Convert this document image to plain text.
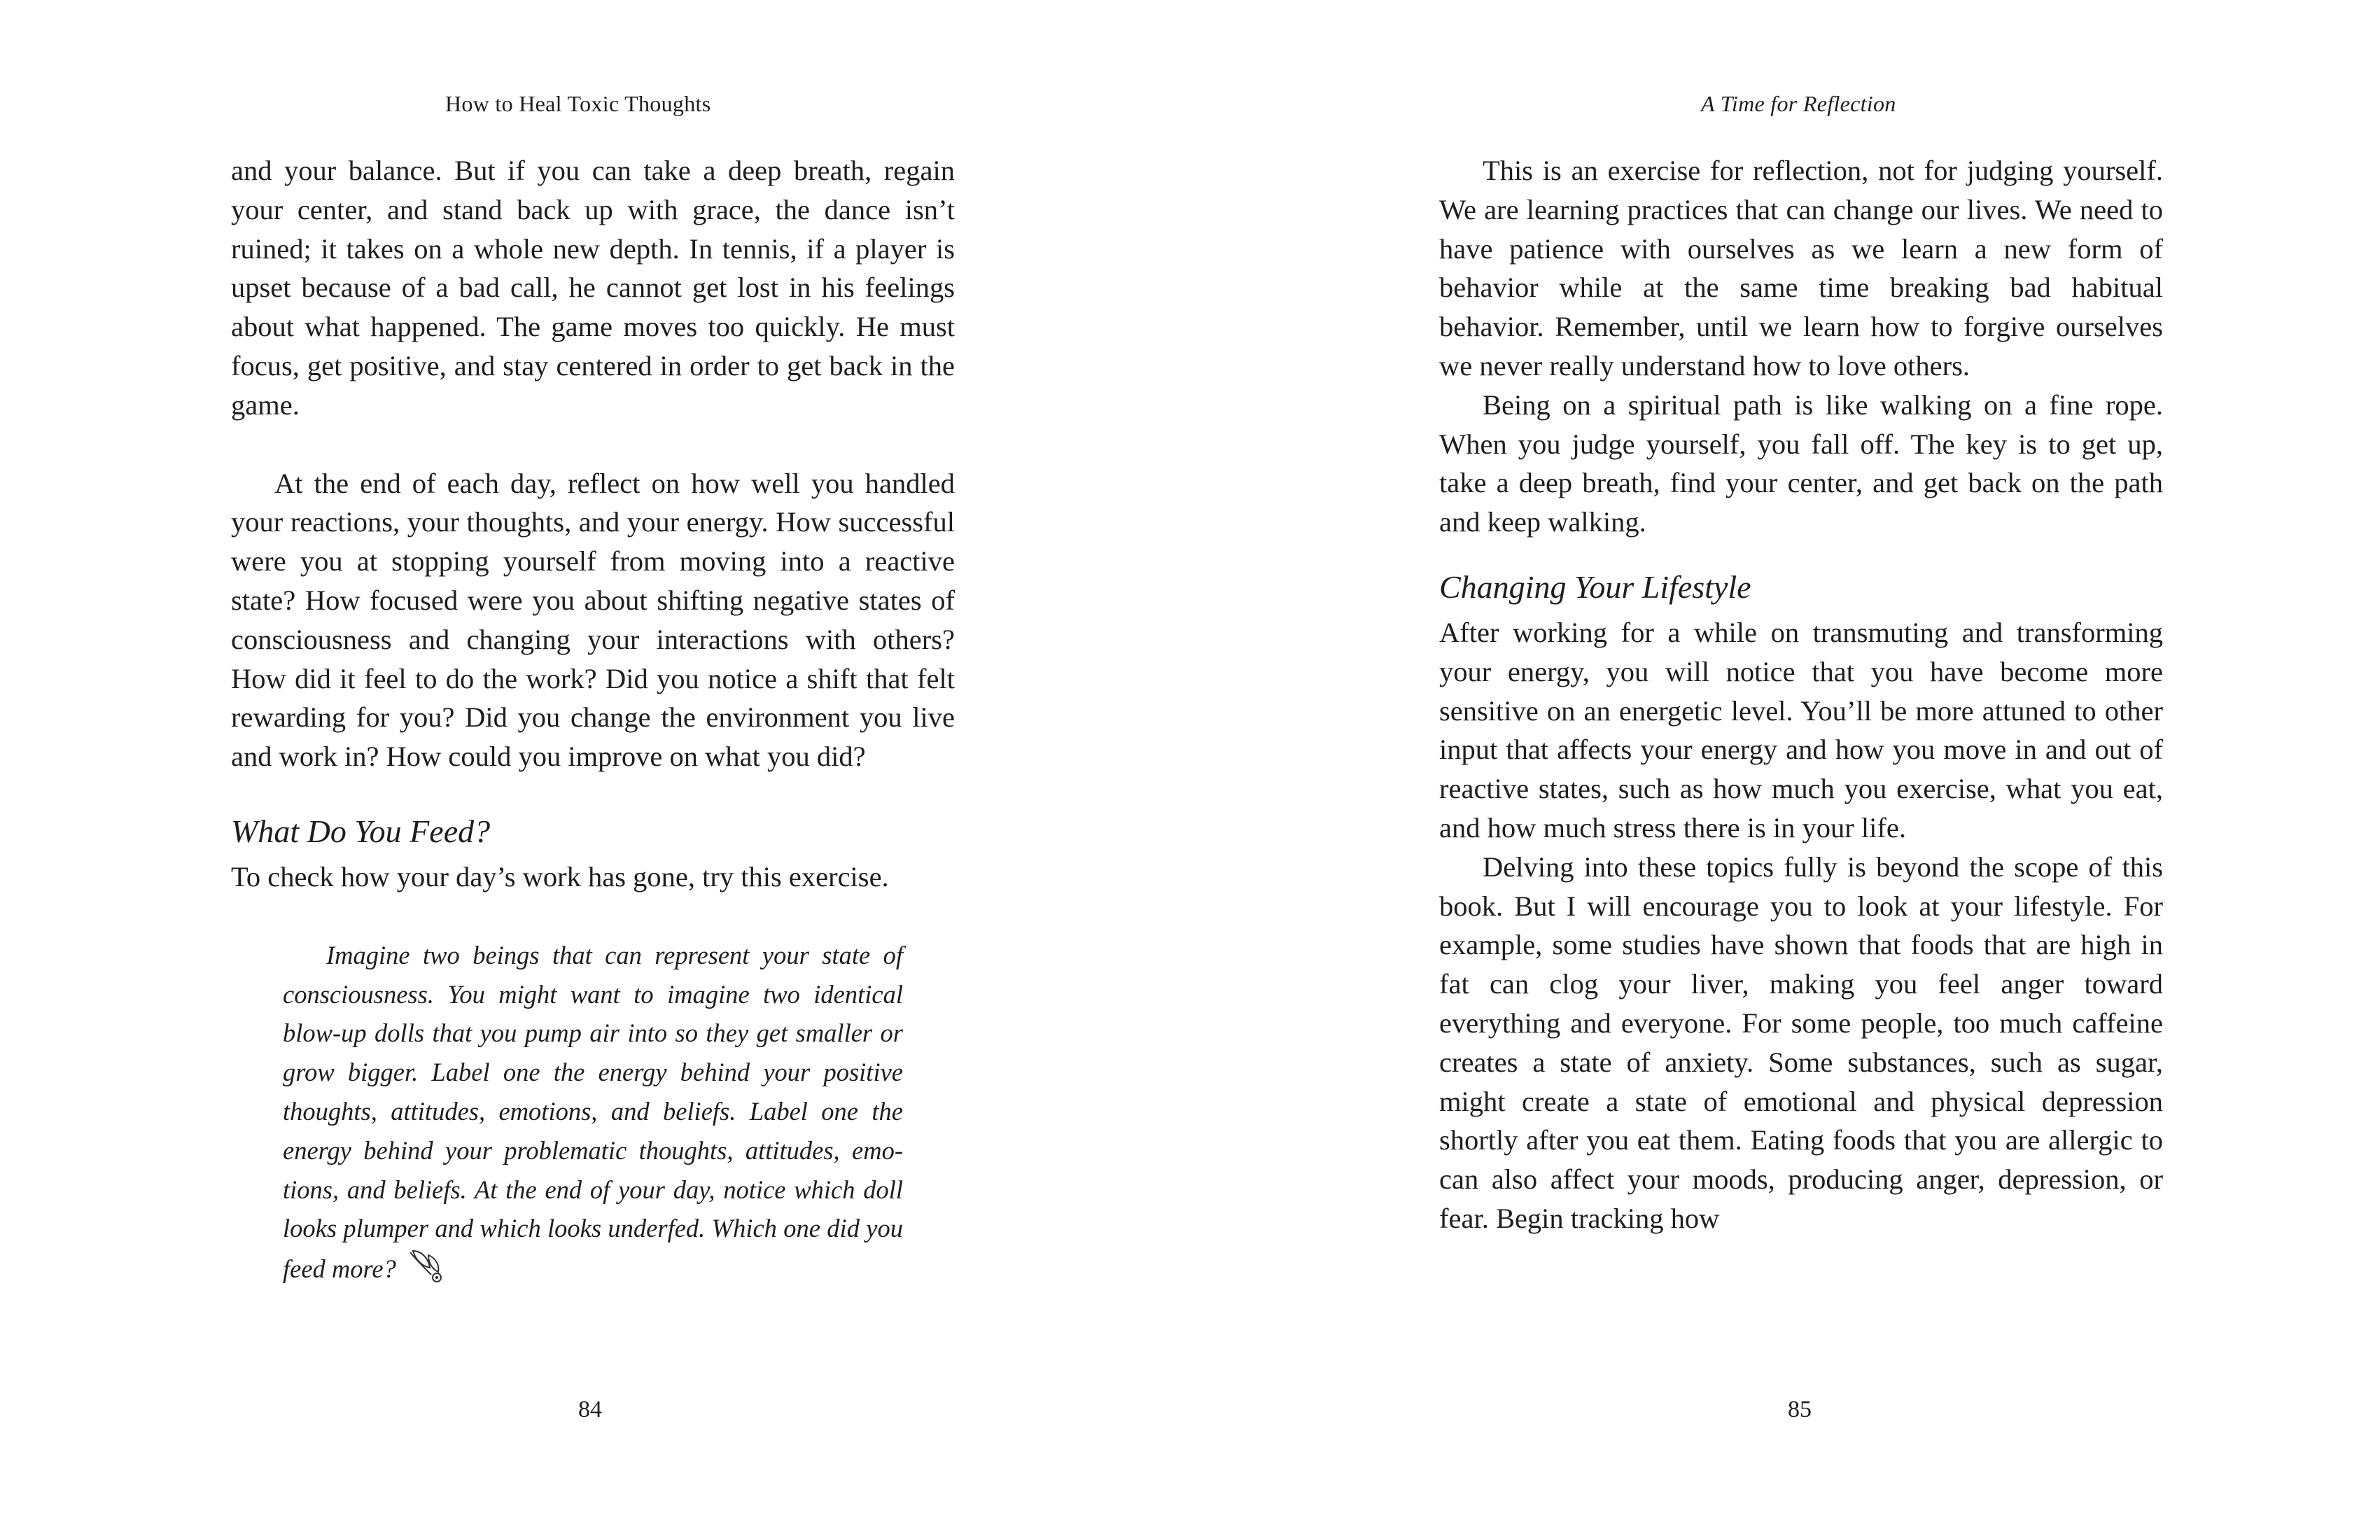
How to Heal Toxic Thoughts

and your balance. But if you can take a deep breath, regain your center, and stand back up with grace, the dance isn’t ruined; it takes on a whole new depth. In tennis, if a player is upset because of a bad call, he cannot get lost in his feelings about what happened. The game moves too quickly. He must focus, get positive, and stay centered in order to get back in the game.

At the end of each day, reflect on how well you handled your reactions, your thoughts, and your energy. How successful were you at stopping yourself from moving into a reactive state? How focused were you about shifting negative states of consciousness and changing your interactions with others? How did it feel to do the work? Did you notice a shift that felt rewarding for you? Did you change the environment you live and work in? How could you improve on what you did?

What Do You Feed?

To check how your day’s work has gone, try this exercise.

Imagine two beings that can represent your state of consciousness. You might want to imagine two identical blow-up dolls that you pump air into so they get smaller or grow bigger. Label one the energy behind your positive thoughts, attitudes, emotions, and beliefs. Label one the energy behind your problematic thoughts, attitudes, emotions, and beliefs. At the end of your day, notice which doll looks plumper and which looks underfed. Which one did you feed more?
84
A Time for Reflection

This is an exercise for reflection, not for judging yourself. We are learning practices that can change our lives. We need to have patience with ourselves as we learn a new form of behavior while at the same time breaking bad habitual behavior. Remember, until we learn how to forgive ourselves we never really understand how to love others.

Being on a spiritual path is like walking on a fine rope. When you judge yourself, you fall off. The key is to get up, take a deep breath, find your center, and get back on the path and keep walking.

Changing Your Lifestyle

After working for a while on transmuting and transforming your energy, you will notice that you have become more sensitive on an energetic level. You’ll be more attuned to other input that affects your energy and how you move in and out of reactive states, such as how much you exercise, what you eat, and how much stress there is in your life.

Delving into these topics fully is beyond the scope of this book. But I will encourage you to look at your lifestyle. For example, some studies have shown that foods that are high in fat can clog your liver, making you feel anger toward everything and everyone. For some people, too much caffeine creates a state of anxiety. Some substances, such as sugar, might create a state of emotional and physical depression shortly after you eat them. Eating foods that you are allergic to can also affect your moods, producing anger, depression, or fear. Begin tracking how

85
